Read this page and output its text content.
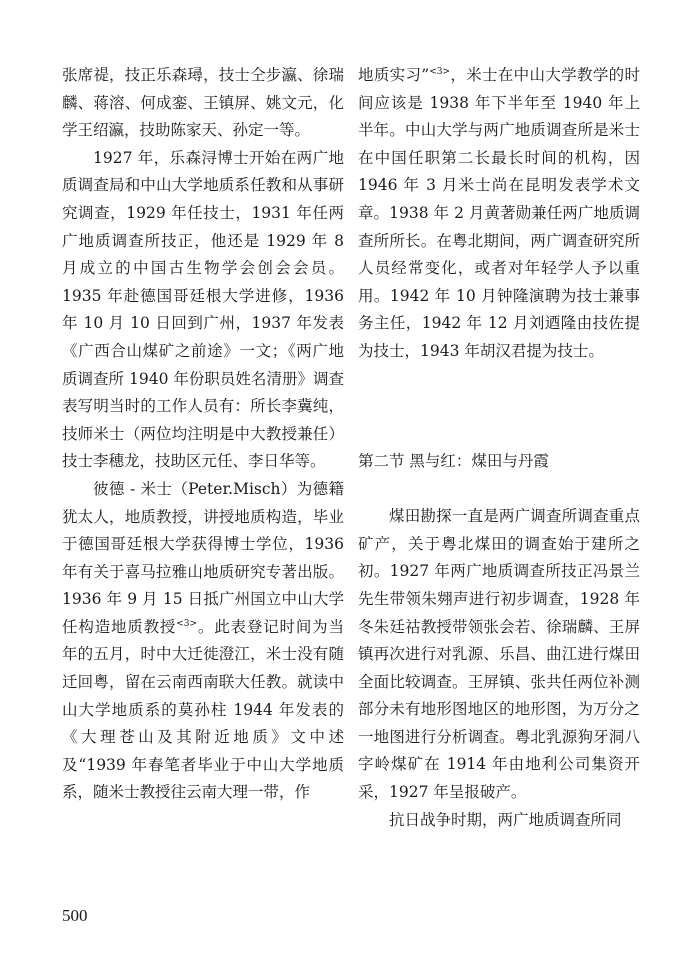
张席禔，技正乐森璕，技士仝步瀛、徐瑞麟、蒋溶、何成銮、王镇屏、姚文元，化学王绍瀛，技助陈家天、孙定一等。

1927 年，乐森浔博士开始在两广地质调查局和中山大学地质系任教和从事研究调查，1929 年任技士，1931 年任两广地质调查所技正，他还是 1929 年 8 月成立的中国古生物学会创会会员。1935 年赴德国哥廷根大学进修，1936 年 10 月 10 日回到广州，1937 年发表《广西合山煤矿之前途》一文；《两广地质调查所 1940 年份职员姓名清册》调查表写明当时的工作人员有：所长李冀纯，技师米士（两位均注明是中大教授兼任）技士李穗龙，技助区元任、李日华等。

彼德 - 米士（Peter.Misch）为德籍犹太人，地质教授，讲授地质构造，毕业于德国哥廷根大学获得博士学位，1936 年有关于喜马拉雅山地质研究专著出版。1936 年 9 月 15 日抵广州国立中山大学任构造地质教授$^{<3>}$。此表登记时间为当年的五月，时中大迁徙澄江，米士没有随迁回粤，留在云南西南联大任教。就读中山大学地质系的莫孙柱 1944 年发表的《大理苍山及其附近地质》文中述及“1939 年春笔者毕业于中山大学地质系，随米士教授往云南大理一带，作

地质实习”$^{<3>}$，米士在中山大学教学的时间应该是 1938 年下半年至 1940 年上半年。中山大学与两广地质调查所是米士在中国任职第二长最长时间的机构，因 1946 年 3 月米士尚在昆明发表学术文章。1938 年 2 月黄著勋兼任两广地质调查所所长。在粤北期间，两广调查研究所人员经常变化，或者对年轻学人予以重用。1942 年 10 月钟隆演聘为技士兼事务主任，1942 年 12 月刘迺隆由技佐提为技士，1943 年胡汉君提为技士。

第二节 黑与红：煤田与丹霞

煤田勘探一直是两广调查所调查重点矿产，关于粤北煤田的调查始于建所之初。1927 年两广地质调查所技正冯景兰先生带领朱翙声进行初步调查，1928 年冬朱廷祜教授带领张会若、徐瑞麟、王屏镇再次进行对乳源、乐昌、曲江进行煤田全面比较调查。王屏镇、张共任两位补测部分未有地形图地区的地形图，为万分之一地图进行分析调查。粤北乳源狗牙洞八字岭煤矿在 1914 年由地利公司集资开采，1927 年呈报破产。

抗日战争时期，两广地质调查所同

500
